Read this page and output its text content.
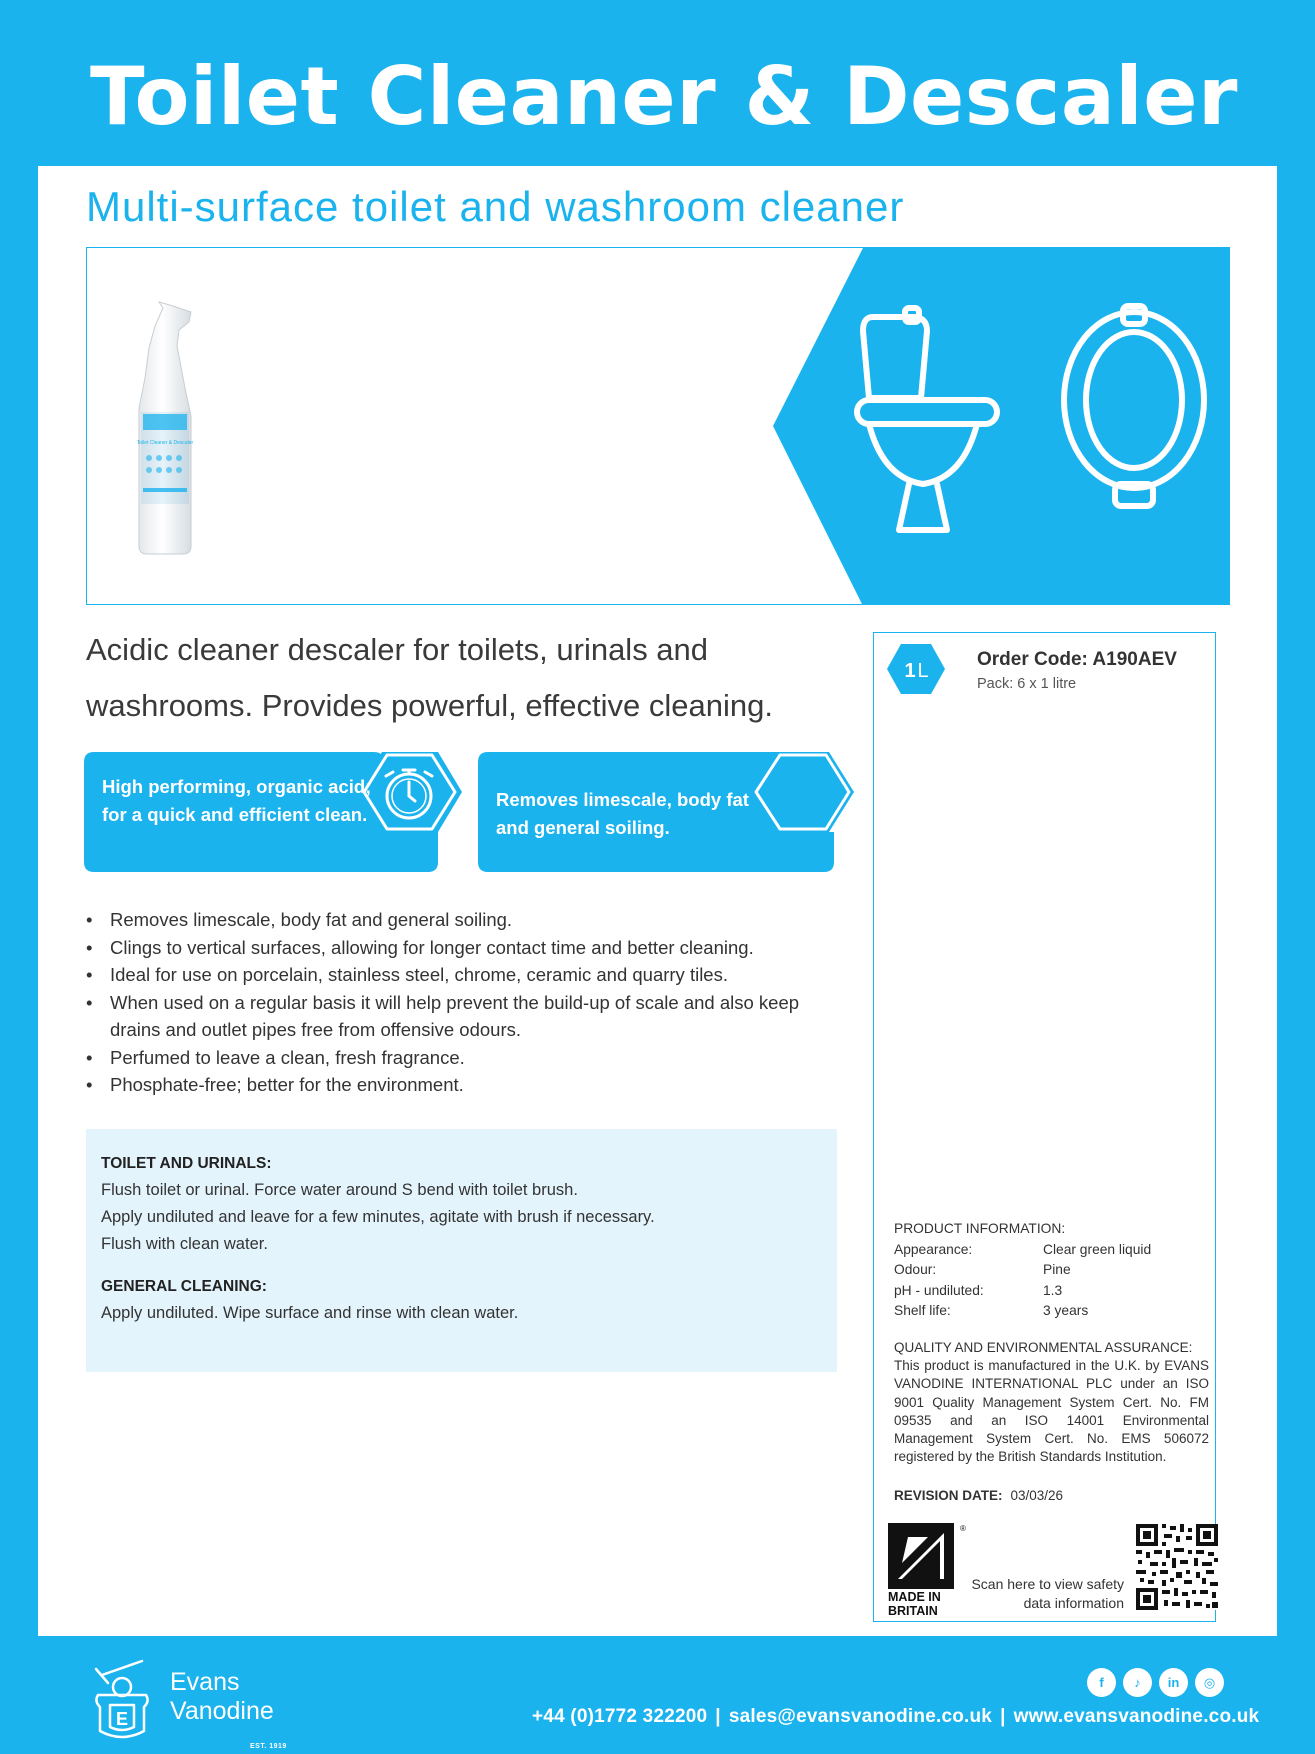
Toilet Cleaner & Descaler
Multi-surface toilet and washroom cleaner
Toilet Cleaner & Descaler
Acidic cleaner descaler for toilets, urinals and washrooms. Provides powerful, effective cleaning.
High performing, organic acid; for a quick and efficient clean.
Removes limescale, body fat and general soiling.
• Removes limescale, body fat and general soiling.
• Clings to vertical surfaces, allowing for longer contact time and better cleaning.
• Ideal for use on porcelain, stainless steel, chrome, ceramic and quarry tiles.
• When used on a regular basis it will help prevent the build-up of scale and also keep drains and outlet pipes free from offensive odours.
• Perfumed to leave a clean, fresh fragrance.
• Phosphate-free; better for the environment.
TOILET AND URINALS:

Flush toilet or urinal. Force water around S bend with toilet brush.

Apply undiluted and leave for a few minutes, agitate with brush if necessary.

Flush with clean water.

GENERAL CLEANING:

Apply undiluted. Wipe surface and rinse with clean water.

1 L
Order Code: A190AEV
Pack: 6 x 1 litre
PRODUCT INFORMATION:
Appearance:	Clear green liquid
Odour:	Pine
pH - undiluted:	1.3
Shelf life:	3 years
QUALITY AND ENVIRONMENTAL ASSURANCE:
This product is manufactured in the U.K. by EVANS VANODINE INTERNATIONAL PLC under an ISO 9001 Quality Management System Cert. No. FM 09535 and an ISO 14001 Environmental Management System Cert. No. EMS 506072 registered by the British Standards Institution.
REVISION DATE: 03/03/26
®
MADE IN
BRITAIN
Scan here to view safety data information
E
Evans
Vanodine
EST. 1919
f	♪	in	◎
+44 (0)1772 322200 | sales@evansvanodine.co.uk | www.evansvanodine.co.uk
